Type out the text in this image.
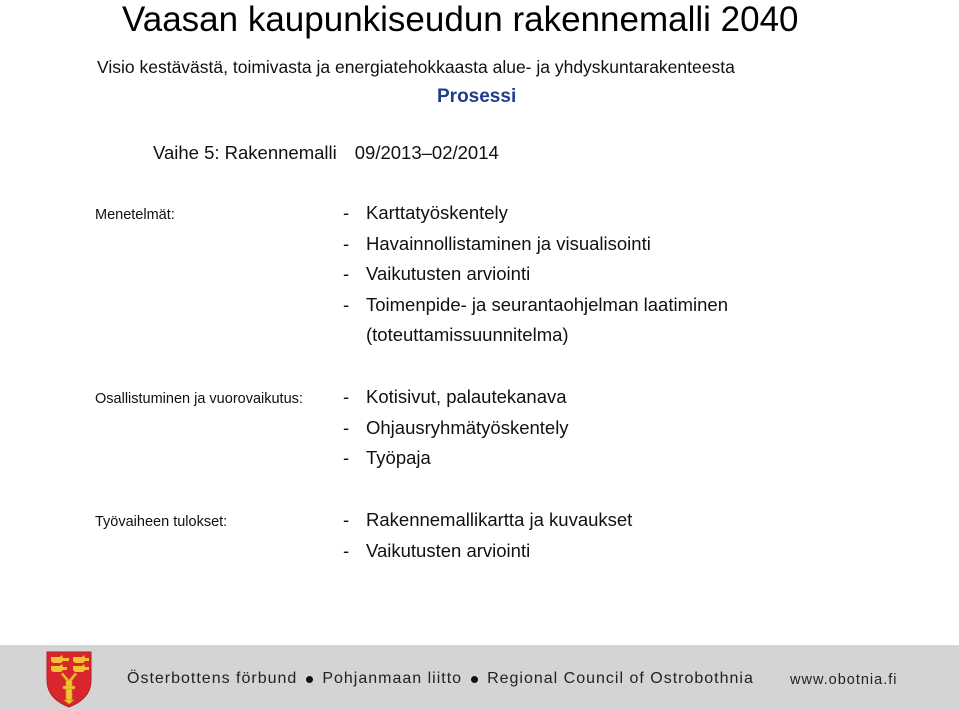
Vaasan kaupunkiseudun rakennemalli 2040
Visio kestävästä, toimivasta ja energiatehokkaasta alue- ja yhdyskuntarakenteesta
Prosessi
Vaihe 5: Rakennemalli 09/2013–02/2014
Menetelmät:	- Karttatyöskentely
- Havainnollistaminen ja visualisointi
- Vaikutusten arviointi
- Toimenpide- ja seurantaohjelman laatiminen
(toteuttamissuunnitelma)
Osallistuminen ja vuorovaikutus: - Kotisivut, palautekanava
- Ohjausryhmätyöskentely
- Työpaja
Työvaiheen tulokset:	- Rakennemallikartta ja kuvaukset
- Vaikutusten arviointi
Österbottens förbund Pohjanmaan liitto Regional Council of Ostrobothnia www.obotnia.fi
